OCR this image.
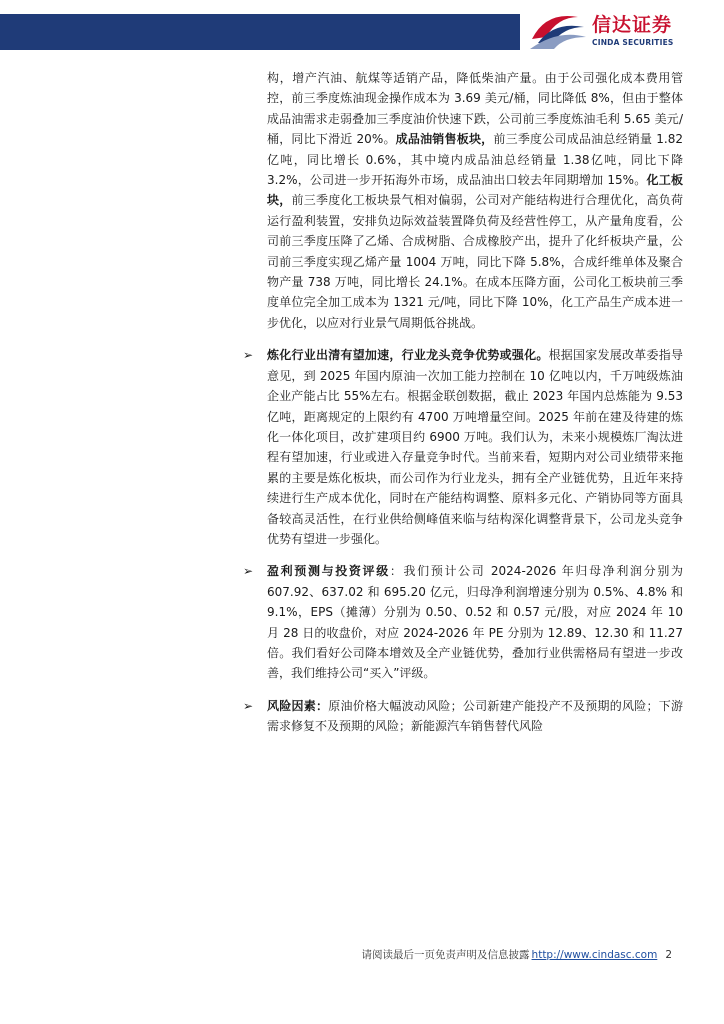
信达证券
CINDA SECURITIES

构，增产汽油、航煤等适销产品，降低柴油产量。由于公司强化成本费用管控，前三季度炼油现金操作成本为 3.69 美元/桶，同比降低 8%，但由于整体成品油需求走弱叠加三季度油价快速下跌，公司前三季度炼油毛利 5.65 美元/桶，同比下滑近 20%。成品油销售板块，前三季度公司成品油总经销量 1.82 亿吨，同比增长 0.6%，其中境内成品油总经销量 1.38亿吨，同比下降 3.2%，公司进一步开拓海外市场，成品油出口较去年同期增加 15%。化工板块，前三季度化工板块景气相对偏弱，公司对产能结构进行合理优化，高负荷运行盈利装置，安排负边际效益装置降负荷及经营性停工，从产量角度看，公司前三季度压降了乙烯、合成树脂、合成橡胶产出，提升了化纤板块产量，公司前三季度实现乙烯产量 1004 万吨，同比下降 5.8%，合成纤维单体及聚合物产量 738 万吨，同比增长 24.1%。在成本压降方面，公司化工板块前三季度单位完全加工成本为 1321 元/吨，同比下降 10%，化工产品生产成本进一步优化，以应对行业景气周期低谷挑战。

➢ 炼化行业出清有望加速，行业龙头竞争优势或强化。根据国家发展改革委指导意见，到 2025 年国内原油一次加工能力控制在 10 亿吨以内，千万吨级炼油企业产能占比 55%左右。根据金联创数据，截止 2023 年国内总炼能为 9.53 亿吨，距离规定的上限约有 4700 万吨增量空间。2025 年前在建及待建的炼化一体化项目，改扩建项目约 6900 万吨。我们认为，未来小规模炼厂淘汰进程有望加速，行业或进入存量竞争时代。当前来看，短期内对公司业绩带来拖累的主要是炼化板块，而公司作为行业龙头，拥有全产业链优势，且近年来持续进行生产成本优化，同时在产能结构调整、原料多元化、产销协同等方面具备较高灵活性，在行业供给侧峰值来临与结构深化调整背景下，公司龙头竞争优势有望进一步强化。

➢ 盈利预测与投资评级：我们预计公司 2024-2026 年归母净利润分别为 607.92、637.02 和 695.20 亿元，归母净利润增速分别为 0.5%、4.8% 和 9.1%，EPS（摊薄）分别为 0.50、0.52 和 0.57 元/股，对应 2024 年 10 月 28 日的收盘价，对应 2024-2026 年 PE 分别为 12.89、12.30 和 11.27 倍。我们看好公司降本增效及全产业链优势，叠加行业供需格局有望进一步改善，我们维持公司“买入”评级。

➢ 风险因素：原油价格大幅波动风险；公司新建产能投产不及预期的风险；下游需求修复不及预期的风险；新能源汽车销售替代风险

请阅读最后一页免责声明及信息披露 http://www.cindasc.com 2
